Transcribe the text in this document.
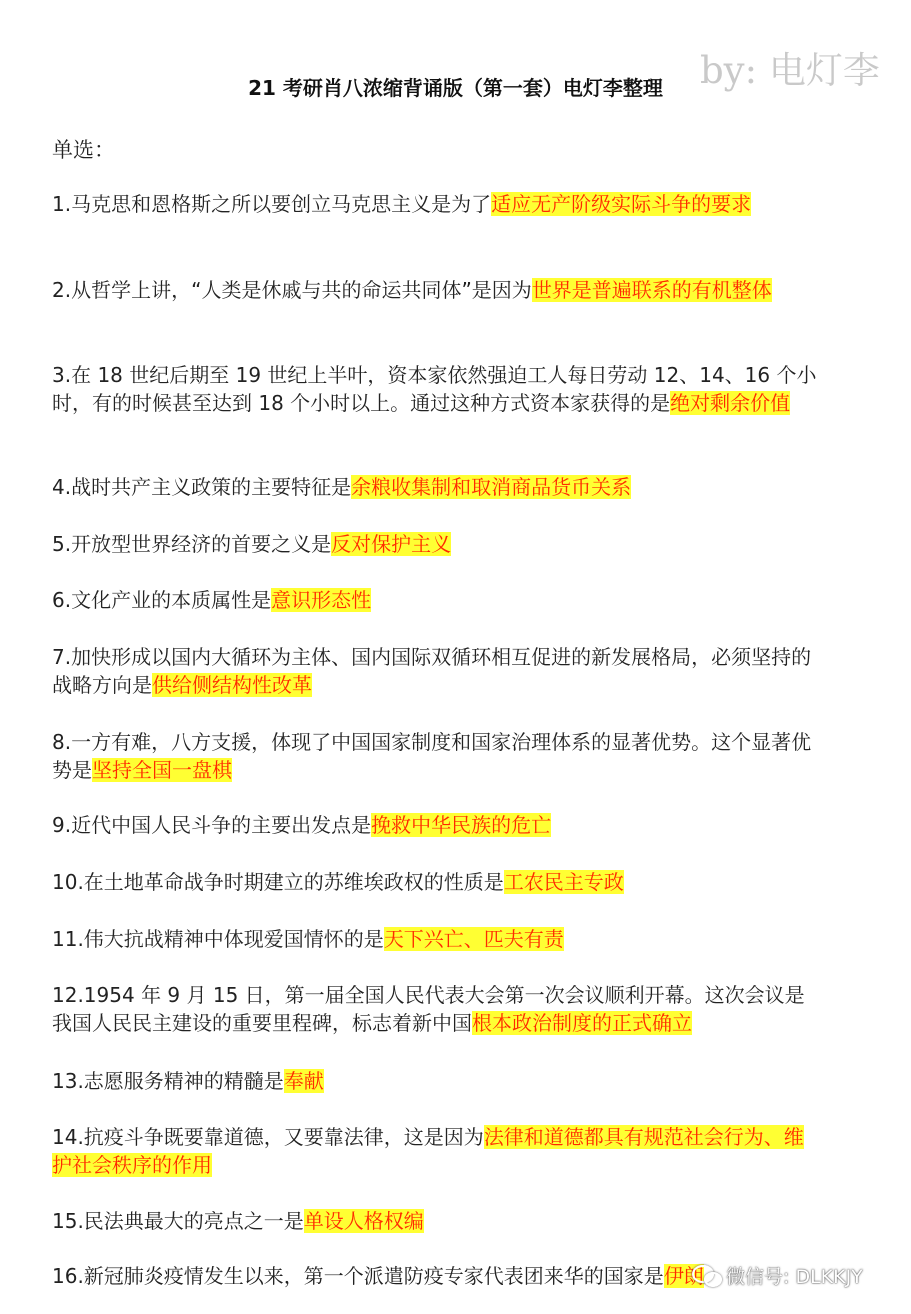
by: 电灯李
21 考研肖八浓缩背诵版（第一套）电灯李整理
单选：
1.马克思和恩格斯之所以要创立马克思主义是为了适应无产阶级实际斗争的要求
2.从哲学上讲，“人类是休戚与共的命运共同体”是因为世界是普遍联系的有机整体
3.在 18 世纪后期至 19 世纪上半叶，资本家依然强迫工人每日劳动 12、14、16 个小时，有的时候甚至达到 18 个小时以上。通过这种方式资本家获得的是绝对剩余价值
4.战时共产主义政策的主要特征是余粮收集制和取消商品货币关系
5.开放型世界经济的首要之义是反对保护主义
6.文化产业的本质属性是意识形态性
7.加快形成以国内大循环为主体、国内国际双循环相互促进的新发展格局，必须坚持的战略方向是供给侧结构性改革
8.一方有难，八方支援，体现了中国国家制度和国家治理体系的显著优势。这个显著优势是坚持全国一盘棋
9.近代中国人民斗争的主要出发点是挽救中华民族的危亡
10.在土地革命战争时期建立的苏维埃政权的性质是工农民主专政
11.伟大抗战精神中体现爱国情怀的是天下兴亡、匹夫有责
12.1954 年 9 月 15 日，第一届全国人民代表大会第一次会议顺利开幕。这次会议是我国人民民主建设的重要里程碑，标志着新中国根本政治制度的正式确立
13.志愿服务精神的精髓是奉献
14.抗疫斗争既要靠道德，又要靠法律，这是因为法律和道德都具有规范社会行为、维护社会秩序的作用
15.民法典最大的亮点之一是单设人格权编
16.新冠肺炎疫情发生以来，第一个派遣防疫专家代表团来华的国家是伊朗	微信号: DLKKJY
